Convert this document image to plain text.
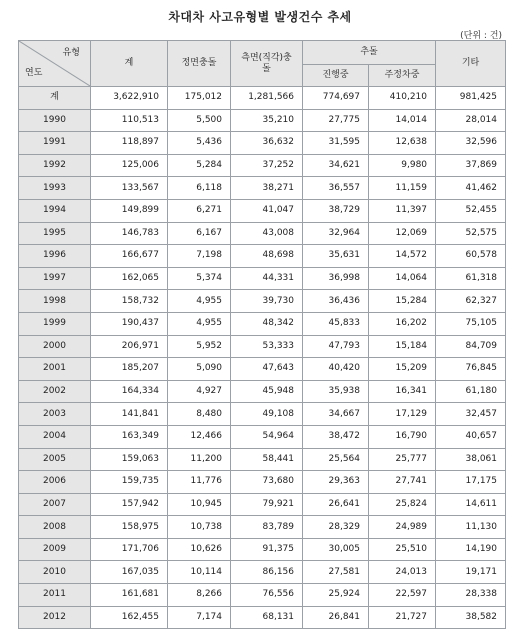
차대차 사고유형별 발생건수 추세
(단위 : 건)
유형
연도	계	정면충돌	측면(직각)충돌	추돌		기타
				진행중	주정차중	
계	3,622,910	175,012	1,281,566	774,697	410,210	981,425
1990	110,513	5,500	35,210	27,775	14,014	28,014
1991	118,897	5,436	36,632	31,595	12,638	32,596
1992	125,006	5,284	37,252	34,621	9,980	37,869
1993	133,567	6,118	38,271	36,557	11,159	41,462
1994	149,899	6,271	41,047	38,729	11,397	52,455
1995	146,783	6,167	43,008	32,964	12,069	52,575
1996	166,677	7,198	48,698	35,631	14,572	60,578
1997	162,065	5,374	44,331	36,998	14,064	61,318
1998	158,732	4,955	39,730	36,436	15,284	62,327
1999	190,437	4,955	48,342	45,833	16,202	75,105
2000	206,971	5,952	53,333	47,793	15,184	84,709
2001	185,207	5,090	47,643	40,420	15,209	76,845
2002	164,334	4,927	45,948	35,938	16,341	61,180
2003	141,841	8,480	49,108	34,667	17,129	32,457
2004	163,349	12,466	54,964	38,472	16,790	40,657
2005	159,063	11,200	58,441	25,564	25,777	38,061
2006	159,735	11,776	73,680	29,363	27,741	17,175
2007	157,942	10,945	79,921	26,641	25,824	14,611
2008	158,975	10,738	83,789	28,329	24,989	11,130
2009	171,706	10,626	91,375	30,005	25,510	14,190
2010	167,035	10,114	86,156	27,581	24,013	19,171
2011	161,681	8,266	76,556	25,924	22,597	28,338
2012	162,455	7,174	68,131	26,841	21,727	38,582
